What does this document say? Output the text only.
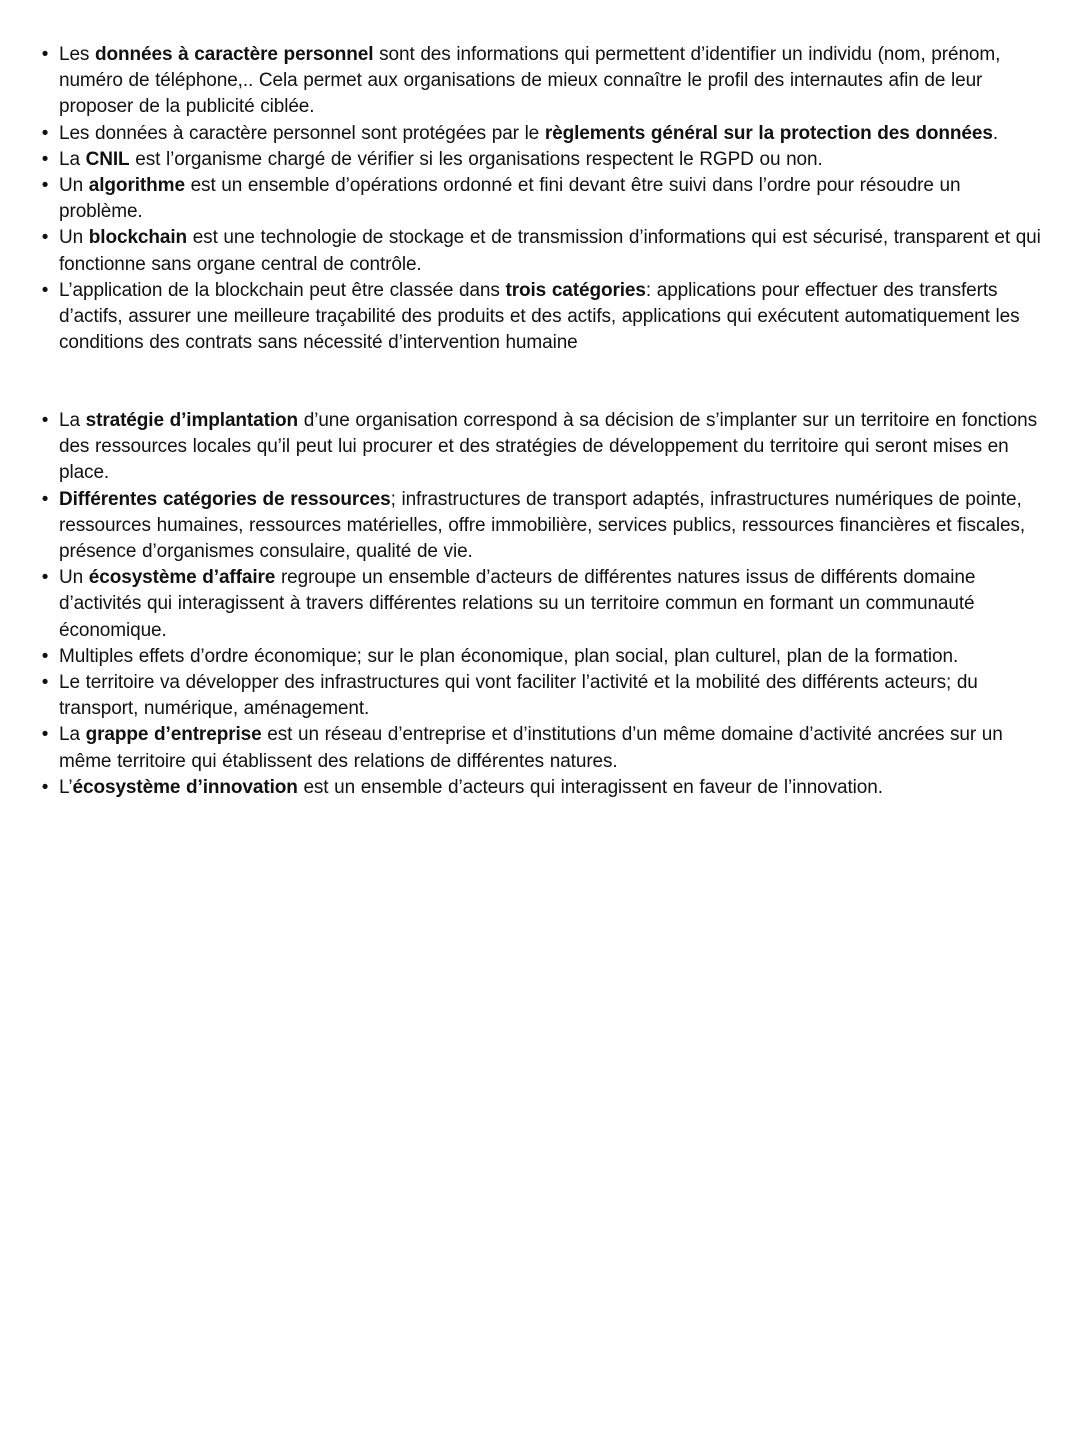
• Les données à caractère personnel sont des informations qui permettent d’identifier un individu (nom, prénom, numéro de téléphone,.. Cela permet aux organisations de mieux connaître le profil des internautes afin de leur proposer de la publicité ciblée.
• Les données à caractère personnel sont protégées par le règlements général sur la protection des données.
• La CNIL est l’organisme chargé de vérifier si les organisations respectent le RGPD ou non.
• Un algorithme est un ensemble d’opérations ordonné et fini devant être suivi dans l’ordre pour résoudre un problème.
• Un blockchain est une technologie de stockage et de transmission d’informations qui est sécurisé, transparent et qui fonctionne sans organe central de contrôle.
• L’application de la blockchain peut être classée dans trois catégories: applications pour effectuer des transferts d’actifs, assurer une meilleure traçabilité des produits et des actifs, applications qui exécutent automatiquement les conditions des contrats sans nécessité d’intervention humaine
• La stratégie d’implantation d’une organisation correspond à sa décision de s’implanter sur un territoire en fonctions des ressources locales qu’il peut lui procurer et des stratégies de développement du territoire qui seront mises en place.
• Différentes catégories de ressources; infrastructures de transport adaptés, infrastructures numériques de pointe, ressources humaines, ressources matérielles, offre immobilière, services publics, ressources financières et fiscales, présence d’organismes consulaire, qualité de vie.
• Un écosystème d’affaire regroupe un ensemble d’acteurs de différentes natures issus de différents domaine d’activités qui interagissent à travers différentes relations su un territoire commun en formant un communauté économique.
• Multiples effets d’ordre économique; sur le plan économique, plan social, plan culturel, plan de la formation.
• Le territoire va développer des infrastructures qui vont faciliter l’activité et la mobilité des différents acteurs; du transport, numérique, aménagement.
• La grappe d’entreprise est un réseau d’entreprise et d’institutions d’un même domaine d’activité ancrées sur un même territoire qui établissent des relations de différentes natures.
• L’écosystème d’innovation est un ensemble d’acteurs qui interagissent en faveur de l’innovation.
